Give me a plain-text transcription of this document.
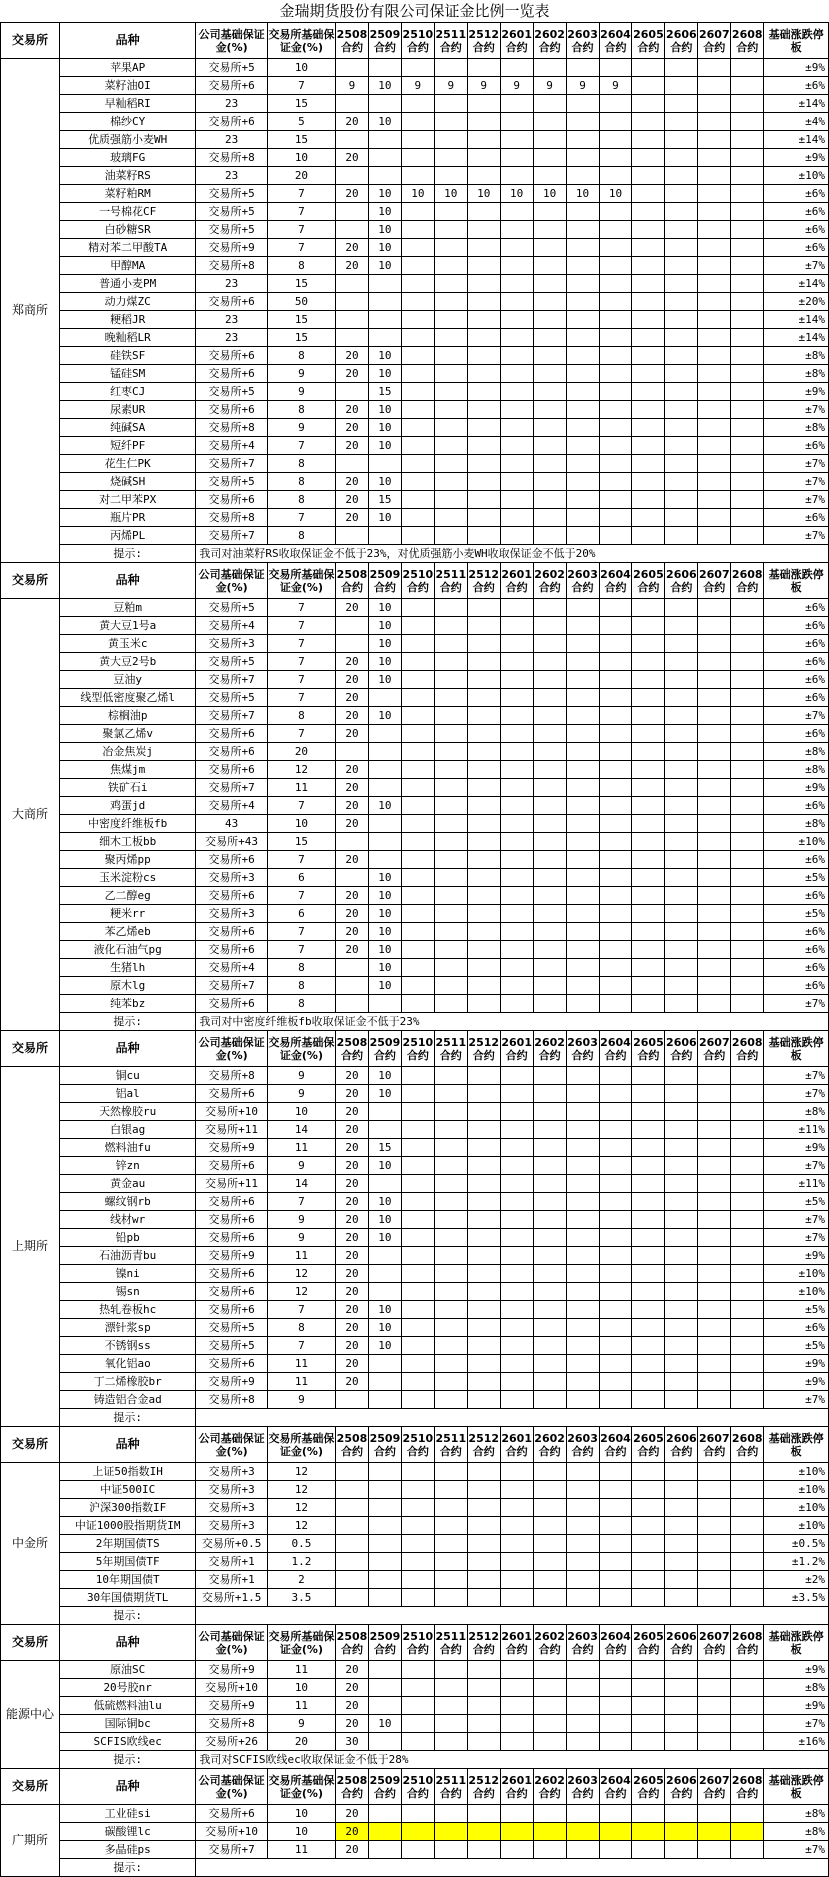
金瑞期货股份有限公司保证金比例一览表
交易所	品种	公司基础保证金(%)	交易所基础保证金(%)	2508合约	2509合约	2510合约	2511合约	2512合约	2601合约	2602合约	2603合约	2604合约	2605合约	2606合约	2607合约	2608合约	基础涨跌停板
郑商所	苹果AP	交易所+5	10														±9%
	菜籽油OI	交易所+6	7	9	10	9	9	9	9	9	9	9					±6%
	早籼稻RI	23	15														±14%
	棉纱CY	交易所+6	5	20	10												±4%
	优质强筋小麦WH	23	15														±14%
	玻璃FG	交易所+8	10	20													±9%
	油菜籽RS	23	20														±10%
	菜籽粕RM	交易所+5	7	20	10	10	10	10	10	10	10	10					±6%
	一号棉花CF	交易所+5	7		10												±6%
	白砂糖SR	交易所+5	7		10												±6%
	精对苯二甲酸TA	交易所+9	7	20	10												±6%
	甲醇MA	交易所+8	8	20	10												±7%
	普通小麦PM	23	15														±14%
	动力煤ZC	交易所+6	50														±20%
	粳稻JR	23	15														±14%
	晚籼稻LR	23	15														±14%
	硅铁SF	交易所+6	8	20	10												±8%
	锰硅SM	交易所+6	9	20	10												±8%
	红枣CJ	交易所+5	9		15												±9%
	尿素UR	交易所+6	8	20	10												±7%
	纯碱SA	交易所+8	9	20	10												±8%
	短纤PF	交易所+4	7	20	10												±6%
	花生仁PK	交易所+7	8														±7%
	烧碱SH	交易所+5	8	20	10												±7%
	对二甲苯PX	交易所+6	8	20	15												±7%
	瓶片PR	交易所+8	7	20	10												±6%
	丙烯PL	交易所+7	8														±7%
	提示:	我司对油菜籽RS收取保证金不低于23%，对优质强筋小麦WH收取保证金不低于20%															
交易所	品种	公司基础保证金(%)	交易所基础保证金(%)	2508合约	2509合约	2510合约	2511合约	2512合约	2601合约	2602合约	2603合约	2604合约	2605合约	2606合约	2607合约	2608合约	基础涨跌停板
大商所	豆粕m	交易所+5	7	20	10												±6%
	黄大豆1号a	交易所+4	7		10												±6%
	黄玉米c	交易所+3	7		10												±6%
	黄大豆2号b	交易所+5	7	20	10												±6%
	豆油y	交易所+7	7	20	10												±6%
	线型低密度聚乙烯l	交易所+5	7	20													±6%
	棕榈油p	交易所+7	8	20	10												±7%
	聚氯乙烯v	交易所+6	7	20													±6%
	冶金焦炭j	交易所+6	20														±8%
	焦煤jm	交易所+6	12	20													±8%
	铁矿石i	交易所+7	11	20													±9%
	鸡蛋jd	交易所+4	7	20	10												±6%
	中密度纤维板fb	43	10	20													±8%
	细木工板bb	交易所+43	15														±10%
	聚丙烯pp	交易所+6	7	20													±6%
	玉米淀粉cs	交易所+3	6		10												±5%
	乙二醇eg	交易所+6	7	20	10												±6%
	粳米rr	交易所+3	6	20	10												±5%
	苯乙烯eb	交易所+6	7	20	10												±6%
	液化石油气pg	交易所+6	7	20	10												±6%
	生猪lh	交易所+4	8		10												±6%
	原木lg	交易所+7	8		10												±6%
	纯苯bz	交易所+6	8														±7%
	提示:	我司对中密度纤维板fb收取保证金不低于23%															
交易所	品种	公司基础保证金(%)	交易所基础保证金(%)	2508合约	2509合约	2510合约	2511合约	2512合约	2601合约	2602合约	2603合约	2604合约	2605合约	2606合约	2607合约	2608合约	基础涨跌停板
上期所	铜cu	交易所+8	9	20	10												±7%
	铝al	交易所+6	9	20	10												±7%
	天然橡胶ru	交易所+10	10	20													±8%
	白银ag	交易所+11	14	20													±11%
	燃料油fu	交易所+9	11	20	15												±9%
	锌zn	交易所+6	9	20	10												±7%
	黄金au	交易所+11	14	20													±11%
	螺纹钢rb	交易所+6	7	20	10												±5%
	线材wr	交易所+6	9	20	10												±7%
	铅pb	交易所+6	9	20	10												±7%
	石油沥青bu	交易所+9	11	20													±9%
	镍ni	交易所+6	12	20													±10%
	锡sn	交易所+6	12	20													±10%
	热轧卷板hc	交易所+6	7	20	10												±5%
	漂针浆sp	交易所+5	8	20	10												±6%
	不锈钢ss	交易所+5	7	20	10												±5%
	氧化铝ao	交易所+6	11	20													±9%
	丁二烯橡胶br	交易所+9	11	20													±9%
	铸造铝合金ad	交易所+8	9														±7%
	提示:																
交易所	品种	公司基础保证金(%)	交易所基础保证金(%)	2508合约	2509合约	2510合约	2511合约	2512合约	2601合约	2602合约	2603合约	2604合约	2605合约	2606合约	2607合约	2608合约	基础涨跌停板
中金所	上证50指数IH	交易所+3	12														±10%
	中证500IC	交易所+3	12														±10%
	沪深300指数IF	交易所+3	12														±10%
	中证1000股指期货IM	交易所+3	12														±10%
	2年期国债TS	交易所+0.5	0.5														±0.5%
	5年期国债TF	交易所+1	1.2														±1.2%
	10年期国债T	交易所+1	2														±2%
	30年国债期货TL	交易所+1.5	3.5														±3.5%
	提示:																
交易所	品种	公司基础保证金(%)	交易所基础保证金(%)	2508合约	2509合约	2510合约	2511合约	2512合约	2601合约	2602合约	2603合约	2604合约	2605合约	2606合约	2607合约	2608合约	基础涨跌停板
能源中心	原油SC	交易所+9	11	20													±9%
	20号胶nr	交易所+10	10	20													±8%
	低硫燃料油lu	交易所+9	11	20													±9%
	国际铜bc	交易所+8	9	20	10												±7%
	SCFIS欧线ec	交易所+26	20	30													±16%
	提示:	我司对SCFIS欧线ec收取保证金不低于28%															
交易所	品种	公司基础保证金(%)	交易所基础保证金(%)	2508合约	2509合约	2510合约	2511合约	2512合约	2601合约	2602合约	2603合约	2604合约	2605合约	2606合约	2607合约	2608合约	基础涨跌停板
广期所	工业硅si	交易所+6	10	20													±8%
	碳酸锂lc	交易所+10	10	20													±8%
	多晶硅ps	交易所+7	11	20													±7%
	提示:																
